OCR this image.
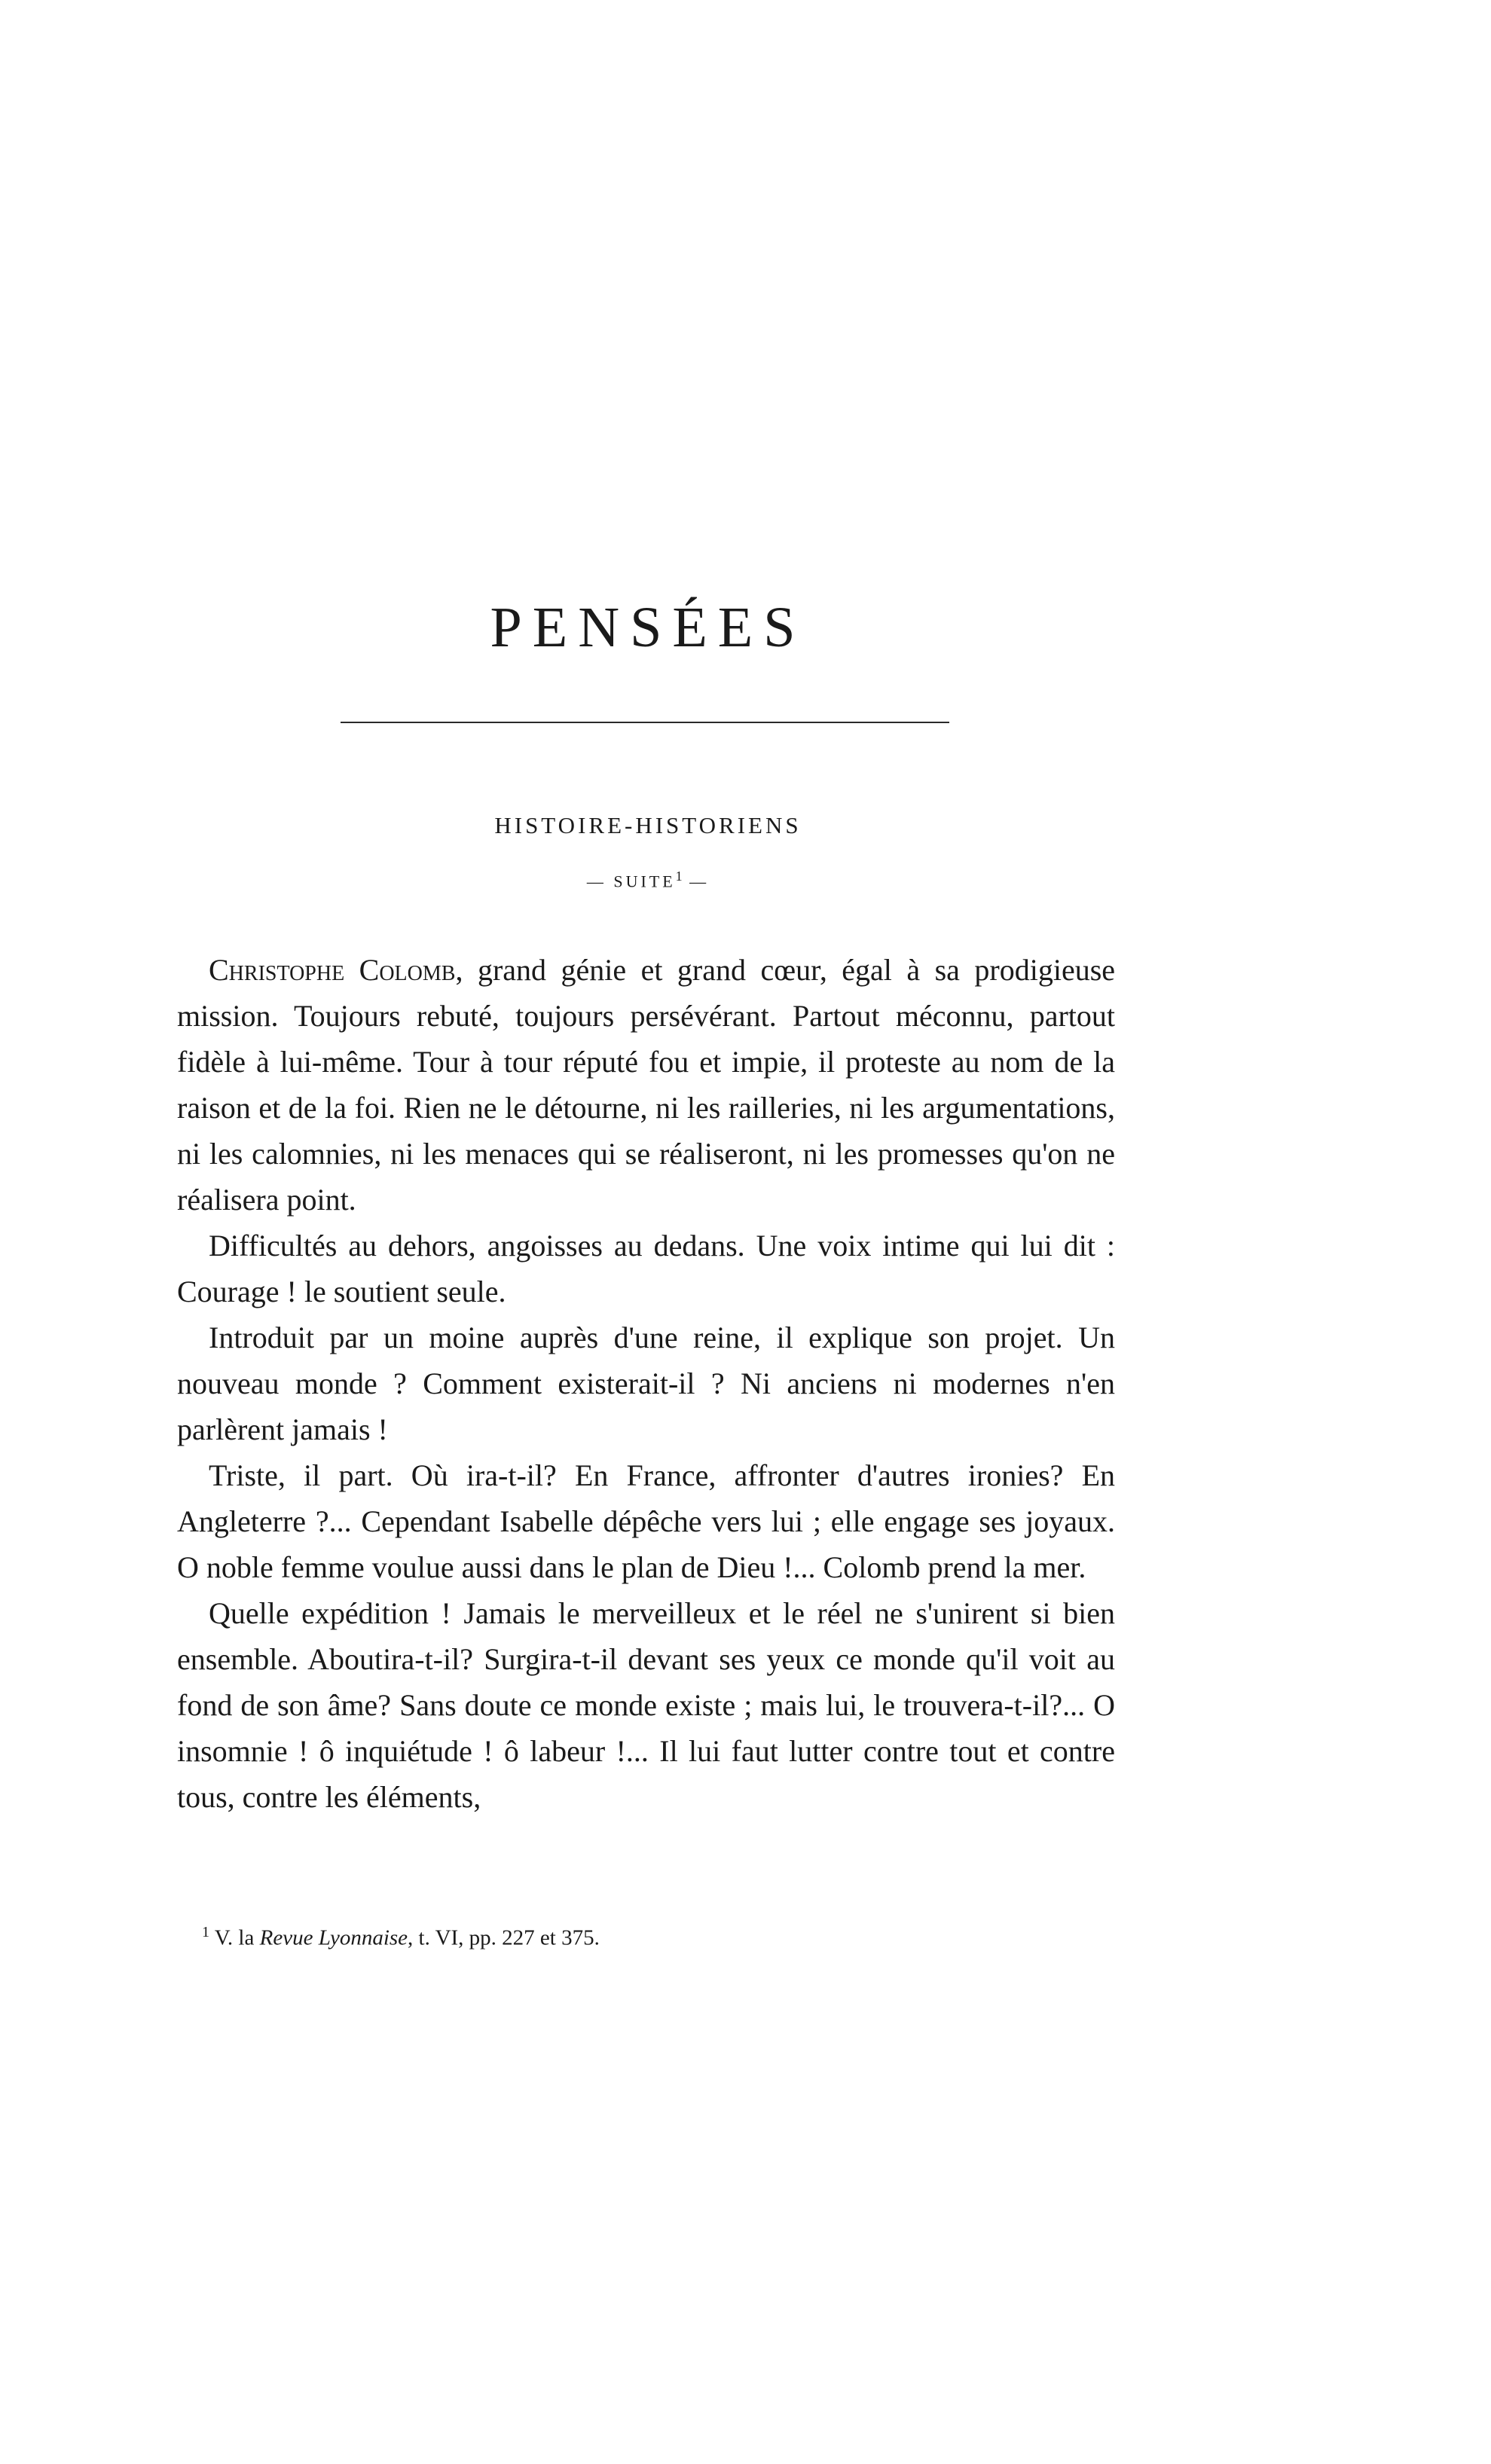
PENSÉES
HISTOIRE-HISTORIENS
— SUITE$^1$ —

Christophe Colomb, grand génie et grand cœur, égal à sa prodigieuse mission. Toujours rebuté, toujours persévérant. Partout méconnu, partout fidèle à lui-même. Tour à tour réputé fou et impie, il proteste au nom de la raison et de la foi. Rien ne le détourne, ni les railleries, ni les argumentations, ni les calomnies, ni les menaces qui se réaliseront, ni les promesses qu'on ne réalisera point.

Difficultés au dehors, angoisses au dedans. Une voix intime qui lui dit : Courage ! le soutient seule.

Introduit par un moine auprès d'une reine, il explique son projet. Un nouveau monde ? Comment existerait-il ? Ni anciens ni modernes n'en parlèrent jamais !

Triste, il part. Où ira-t-il? En France, affronter d'autres ironies? En Angleterre ?... Cependant Isabelle dépêche vers lui ; elle engage ses joyaux. O noble femme voulue aussi dans le plan de Dieu !... Colomb prend la mer.

Quelle expédition ! Jamais le merveilleux et le réel ne s'unirent si bien ensemble. Aboutira-t-il? Surgira-t-il devant ses yeux ce monde qu'il voit au fond de son âme? Sans doute ce monde existe ; mais lui, le trouvera-t-il?... O insomnie ! ô inquiétude ! ô labeur !... Il lui faut lutter contre tout et contre tous, contre les éléments,

$^1$ V. la Revue Lyonnaise, t. VI, pp. 227 et 375.
